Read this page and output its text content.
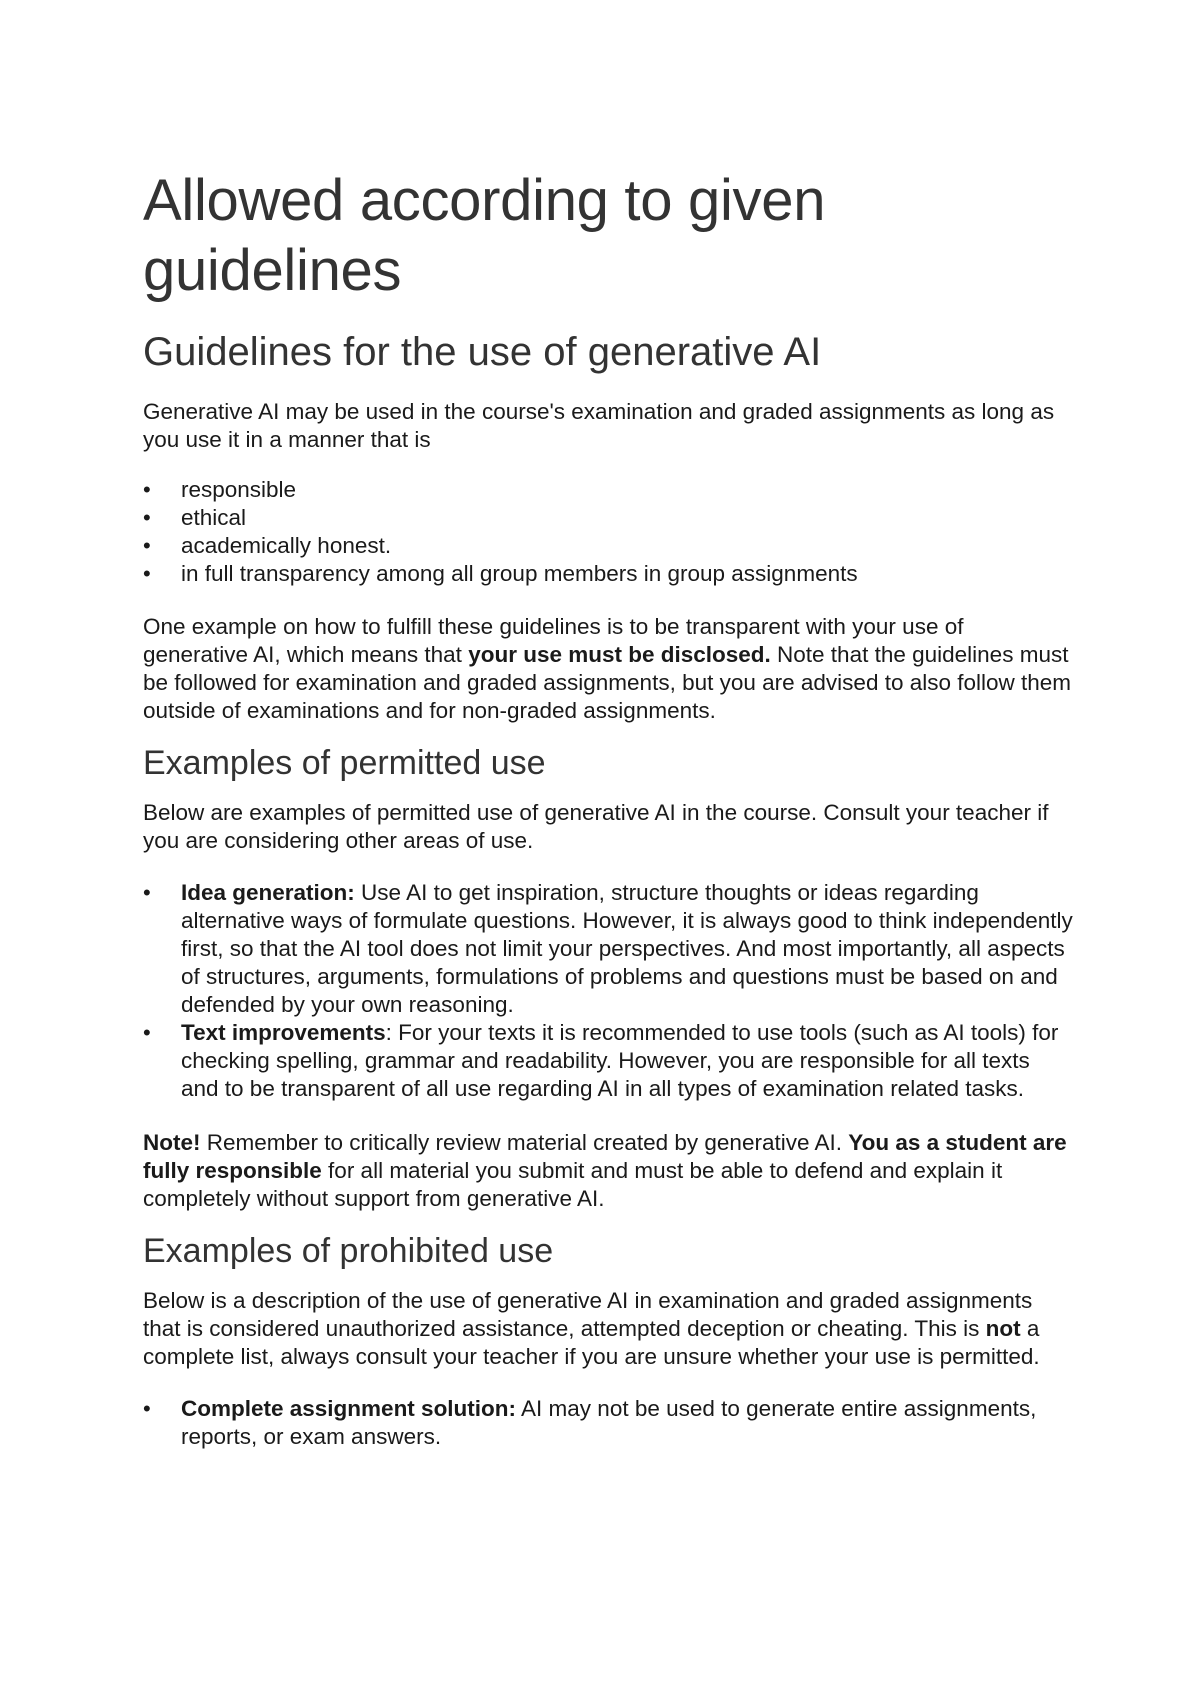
Allowed according to given guidelines
Guidelines for the use of generative AI

Generative AI may be used in the course's examination and graded assignments as long as you use it in a manner that is

• responsible
• ethical
• academically honest.
• in full transparency among all group members in group assignments

One example on how to fulfill these guidelines is to be transparent with your use of generative AI, which means that your use must be disclosed. Note that the guidelines must be followed for examination and graded assignments, but you are advised to also follow them outside of examinations and for non-graded assignments.

Examples of permitted use

Below are examples of permitted use of generative AI in the course. Consult your teacher if you are considering other areas of use.

• Idea generation: Use AI to get inspiration, structure thoughts or ideas regarding alternative ways of formulate questions. However, it is always good to think independently first, so that the AI tool does not limit your perspectives. And most importantly, all aspects of structures, arguments, formulations of problems and questions must be based on and defended by your own reasoning.
• Text improvements: For your texts it is recommended to use tools (such as AI tools) for checking spelling, grammar and readability. However, you are responsible for all texts and to be transparent of all use regarding AI in all types of examination related tasks.

Note! Remember to critically review material created by generative AI. You as a student are fully responsible for all material you submit and must be able to defend and explain it completely without support from generative AI.

Examples of prohibited use

Below is a description of the use of generative AI in examination and graded assignments that is considered unauthorized assistance, attempted deception or cheating. This is not a complete list, always consult your teacher if you are unsure whether your use is permitted.

• Complete assignment solution: AI may not be used to generate entire assignments, reports, or exam answers.
